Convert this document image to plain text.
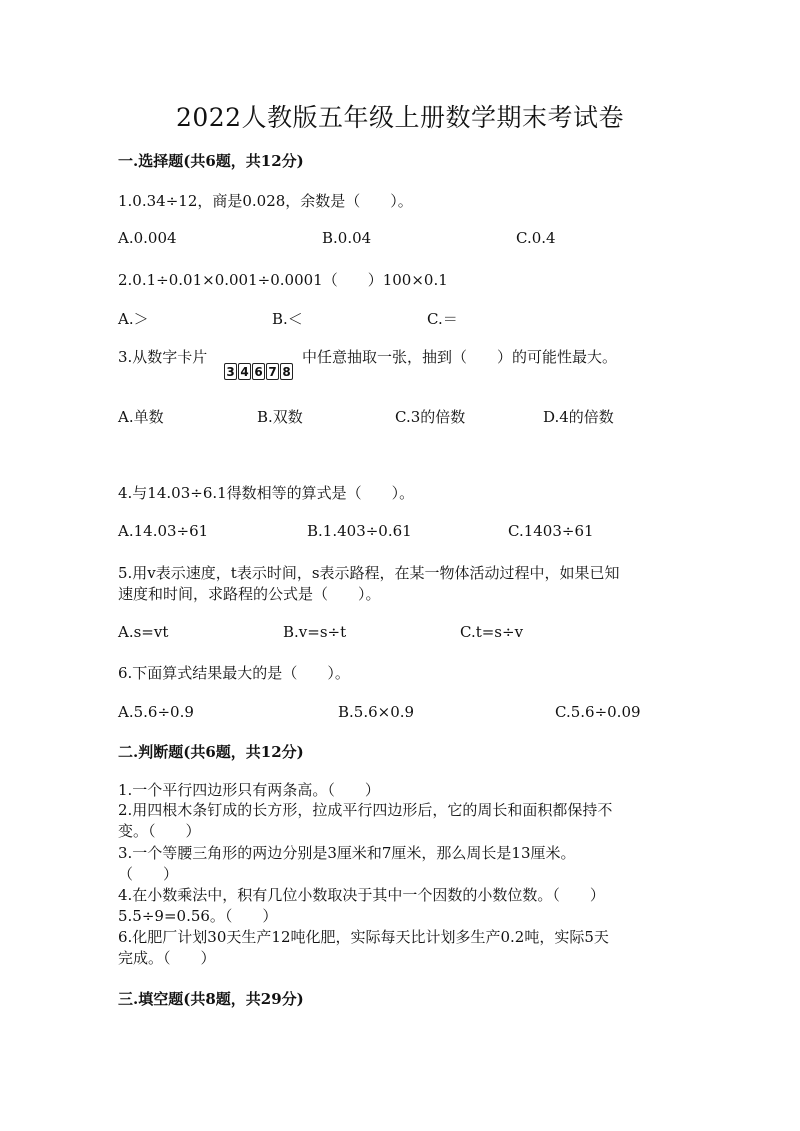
2022人教版五年级上册数学期末考试卷
一.选择题(共6题，共12分)
1.0.34÷12，商是0.028，余数是（　　）。
A.0.004	B.0.04	C.0.4
2.0.1÷0.01×0.001÷0.0001（　　）100×0.1
A.＞	B.＜	C.＝
3.从数字卡片
3 4 6 7 8
中任意抽取一张，抽到（　　）的可能性最大。
A.单数	B.双数	C.3的倍数	D.4的倍数
4.与14.03÷6.1得数相等的算式是（　　）。
A.14.03÷61	B.1.403÷0.61	C.1403÷61
5.用v表示速度，t表示时间，s表示路程，在某一物体活动过程中，如果已知
速度和时间，求路程的公式是（　　）。
A.s=vt	B.v=s÷t	C.t=s÷v
6.下面算式结果最大的是（　　）。
A.5.6÷0.9	B.5.6×0.9	C.5.6÷0.09
二.判断题(共6题，共12分)
1.一个平行四边形只有两条高。（　　）
2.用四根木条钉成的长方形，拉成平行四边形后，它的周长和面积都保持不
变。（　　）
3.一个等腰三角形的两边分别是3厘米和7厘米，那么周长是13厘米。
（　　）
4.在小数乘法中，积有几位小数取决于其中一个因数的小数位数。（　　）
5.5÷9=0.56。（　　）
6.化肥厂计划30天生产12吨化肥，实际每天比计划多生产0.2吨，实际5天
完成。（　　）
三.填空题(共8题，共29分)
